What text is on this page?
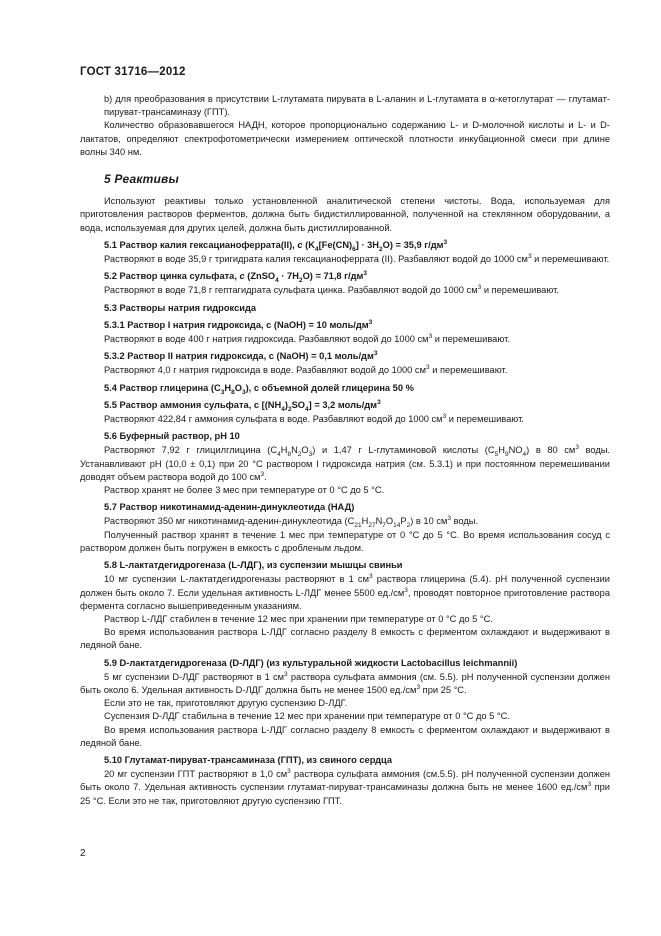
ГОСТ 31716—2012

b) для преобразования в присутствии L-глутамата пирувата в L-аланин и L-глутамата в α-кетоглутарат — глутамат-пируват-трансаминазу (ГПТ).

Количество образовавшегося НАДН, которое пропорционально содержанию L- и D-молочной кислоты и L- и D-лактатов, определяют спектрофотометрически измерением оптической плотности инкубационной смеси при длине волны 340 нм.

5 Реактивы

Используют реактивы только установленной аналитической степени чистоты. Вода, используемая для приготовления растворов ферментов, должна быть бидистиллированной, полученной на стеклянном оборудовании, а вода, используемая для других целей, должна быть дистиллированной.

5.1 Раствор калия гексацианоферрата(II), c $(K_4[Fe(CN)_6] \cdot 3H_2O) = 35,9$ $г/дм^3$

Растворяют в воде 35,9 г тригидрата калия гексацианоферрата (II). Разбавляют водой до 1000 $см^3$ и перемешивают.

5.2 Раствор цинка сульфата, c (ZnSO$_4$ · $7H_2O) = 71,8$ $г/дм^3$

Растворяют в воде 71,8 г гептагидрата сульфата цинка. Разбавляют водой до 1000 $см^3$ и перемешивают.

5.3 Растворы натрия гидроксида

5.3.1 Раствор I натрия гидроксида, c (NaOH) = 10 моль/$дм^3$

Растворяют в воде 400 г натрия гидроксида. Разбавляют водой до 1000 $см^3$ и перемешивают.

5.3.2 Раствор II натрия гидроксида, c (NaOH) = 0,1 моль/$дм^3$

Растворяют 4,0 г натрия гидроксида в воде. Разбавляют водой до 1000 $см^3$ и перемешивают.

5.4 Раствор глицерина $(C_3H_8O_3)$, с объемной долей глицерина 50 %

5.5 Раствор аммония сульфата, c $[(NH_4)_2SO_4] = 3,2$ моль/$дм^3$

Растворяют 422,84 г аммония сульфата в воде. Разбавляют водой до 1000 $см^3$ и перемешивают.

5.6 Буферный раствор, рН 10

Растворяют 7,92 г глицилглицина $(C_4H_8N_2O_3)$ и 1,47 г L-глутаминовой кислоты $(C_5H_9NO_4)$ в 80 $см^3$ воды. Устанавливают рН (10,0 ± 0,1) при 20 °C раствором I гидроксида натрия (см. 5.3.1) и при постоянном перемешивании доводят объем раствора водой до 100 $см^3$.

Раствор хранят не более 3 мес при температуре от 0 °C до 5 °C.

5.7 Раствор никотинамид-аденин-динуклеотида (НАД)

Растворяют 350 мг никотинамид-аденин-динуклеотида $(C_{21}H_{27}N_7O_{14}P_2)$ в 10 $см^3$ воды.

Полученный раствор хранят в течение 1 мес при температуре от 0 °C до 5 °C. Во время использования сосуд с раствором должен быть погружен в емкость с дробленым льдом.

5.8 L-лактатдегидрогеназа (L-ЛДГ), из суспензии мышцы свиньи

10 мг суспензии L-лактатдегидрогеназы растворяют в 1 $см^3$ раствора глицерина (5.4). рН полученной суспензии должен быть около 7. Если удельная активность L-ЛДГ менее 5500 $ед./см^3$, проводят повторное приготовление раствора фермента согласно вышеприведенным указаниям.

Раствор L-ЛДГ стабилен в течение 12 мес при хранении при температуре от 0 °C до 5 °C.

Во время использования раствора L-ЛДГ согласно разделу 8 емкость с ферментом охлаждают и выдерживают в ледяной бане.

5.9 D-лактатдегидрогеназа (D-ЛДГ) (из культуральной жидкости Lactobacillus leichmannii)

5 мг суспензии D-ЛДГ растворяют в 1 $см^3$ раствора сульфата аммония (см. 5.5). рН полученной суспензии должен быть около 6. Удельная активность D-ЛДГ должна быть не менее 1500 $ед./см^3$ при 25 °C.

Если это не так, приготовляют другую суспензию D-ЛДГ.

Суспензия D-ЛДГ стабильна в течение 12 мес при хранении при температуре от 0 °C до 5 °C.

Во время использования раствора L-ЛДГ согласно разделу 8 емкость с ферментом охлаждают и выдерживают в ледяной бане.

5.10 Глутамат-пируват-трансаминаза (ГПТ), из свиного сердца

20 мг суспензии ГПТ растворяют в 1,0 $см^3$ раствора сульфата аммония (см.5.5). рН полученной суспензии должен быть около 7. Удельная активность суспензии глутамат-пируват-трансаминазы должна быть не менее 1600 $ед./см^3$ при 25 °C. Если это не так, приготовляют другую суспензию ГПТ.

2
